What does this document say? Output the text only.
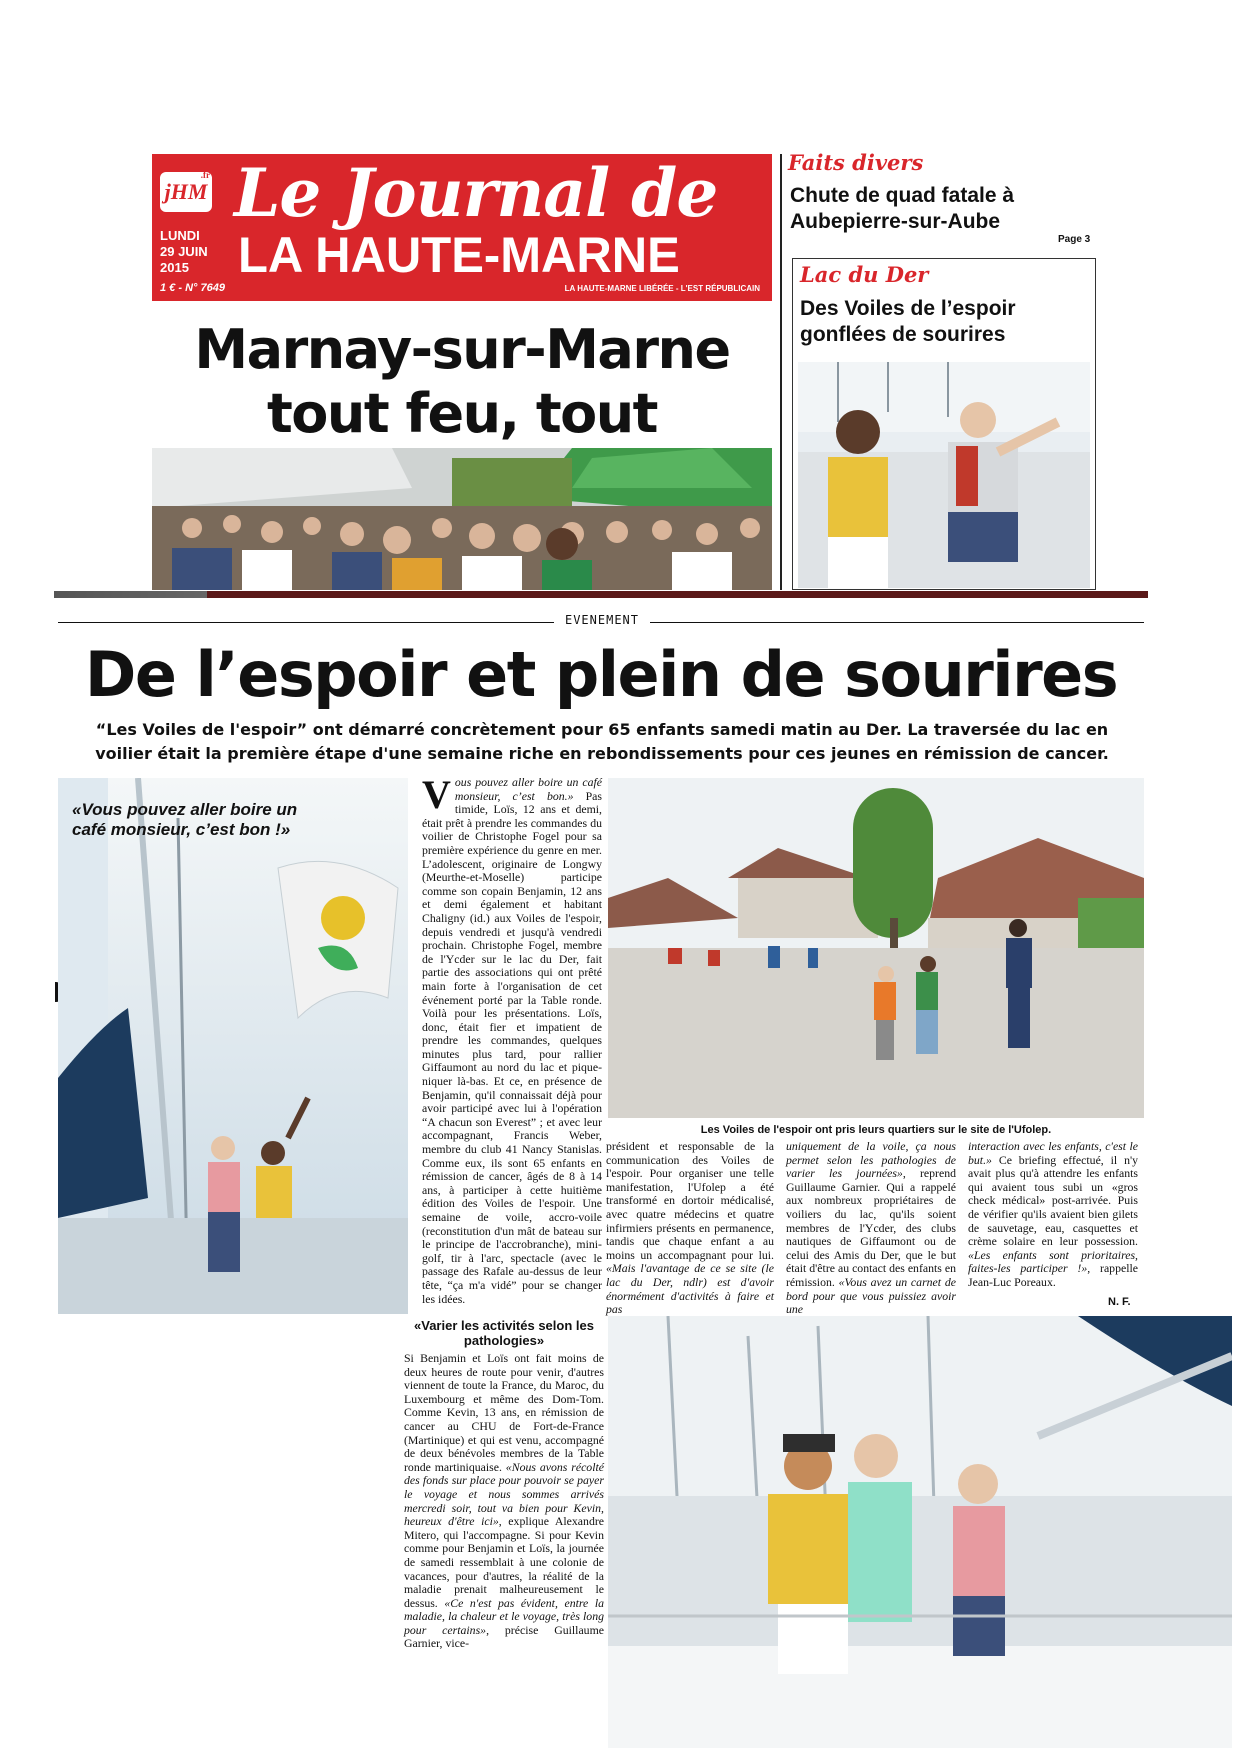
jHM
.fr Le Journal de
LA HAUTE-MARNE
LUNDI
29 JUIN
2015
1 € - N° 7649	LA HAUTE-MARNE LIBÉRÉE - L'EST RÉPUBLICAIN
Marnay-sur-Marne tout feu, tout
Faits divers
Chute de quad fatale à Aubepierre-sur-Aube
Page 3
Lac du Der
Des Voiles de l’espoir gonflées de sourires
EVENEMENT
De l’espoir et plein de sourires
“Les Voiles de l'espoir” ont démarré concrètement pour 65 enfants samedi matin au Der. La traversée du lac en voilier était la première étape d'une semaine riche en rebondissements pour ces jeunes en rémission de cancer.
«Vous pouvez aller boire un café monsieur, c’est bon !»
V ous pouvez aller boire un café monsieur, c’est bon.» Pas timide, Loïs, 12 ans et demi, était prêt à prendre les commandes du voilier de Christophe Fogel pour sa première expérience du genre en mer. L’adolescent, originaire de Longwy (Meurthe-et-Moselle) participe comme son copain Benjamin, 12 ans et demi également et habitant Chaligny (id.) aux Voiles de l'espoir, depuis vendredi et jusqu'à vendredi prochain. Christophe Fogel, membre de l'Ycder sur le lac du Der, fait partie des associations qui ont prêté main forte à l'organisation de cet événement porté par la Table ronde. Voilà pour les présentations. Loïs, donc, était fier et impatient de prendre les commandes, quelques minutes plus tard, pour rallier Giffaumont au nord du lac et pique-niquer là-bas. Et ce, en présence de Benjamin, qu'il connaissait déjà pour avoir participé avec lui à l'opération “A chacun son Everest” ; et avec leur accompagnant, Francis Weber, membre du club 41 Nancy Stanislas. Comme eux, ils sont 65 enfants en rémission de cancer, âgés de 8 à 14 ans, à participer à cette huitième édition des Voiles de l'espoir. Une semaine de voile, accro-voile (reconstitution d'un mât de bateau sur le principe de l'accrobranche), mini-golf, tir à l'arc, spectacle (avec le passage des Rafale au-dessus de leur tête, “ça m'a vidé” pour se changer les idées.
«Varier les activités selon les pathologies»
Si Benjamin et Loïs ont fait moins de deux heures de route pour venir, d'autres viennent de toute la France, du Maroc, du Luxembourg et même des Dom-Tom. Comme Kevin, 13 ans, en rémission de cancer au CHU de Fort-de-France (Martinique) et qui est venu, accompagné de deux bénévoles membres de la Table ronde martiniquaise. «Nous avons récolté des fonds sur place pour pouvoir se payer le voyage et nous sommes arrivés mercredi soir, tout va bien pour Kevin, heureux d'être ici», explique Alexandre Mitero, qui l'accompagne. Si pour Kevin comme pour Benjamin et Loïs, la journée de samedi ressemblait à une colonie de vacances, pour d'autres, la réalité de la maladie prenait malheureusement le dessus. «Ce n'est pas évident, entre la maladie, la chaleur et le voyage, très long pour certains», précise Guillaume Garnier, vice-
Les Voiles de l'espoir ont pris leurs quartiers sur le site de l'Ufolep.
président et responsable de la communication des Voiles de l'espoir. Pour organiser une telle manifestation, l'Ufolep a été transformé en dortoir médicalisé, avec quatre médecins et quatre infirmiers présents en permanence, tandis que chaque enfant a au moins un accompagnant pour lui. «Mais l'avantage de ce se site (le lac du Der, ndlr) est d'avoir énormément d'activités à faire et pas
uniquement de la voile, ça nous permet selon les pathologies de varier les journées», reprend Guillaume Garnier. Qui a rappelé aux nombreux propriétaires de voiliers du lac, qu'ils soient membres de l'Ycder, des clubs nautiques de Giffaumont ou de celui des Amis du Der, que le but était d'être au contact des enfants en rémission. «Vous avez un carnet de bord pour que vous puissiez avoir une
interaction avec les enfants, c'est le but.» Ce briefing effectué, il n'y avait plus qu'à attendre les enfants qui avaient tous subi un «gros check médical» post-arrivée. Puis de vérifier qu'ils avaient bien gilets de sauvetage, eau, casquettes et crème solaire en leur possession. «Les enfants sont prioritaires, faites-les participer !», rappelle Jean-Luc Poreaux.
N. F.
